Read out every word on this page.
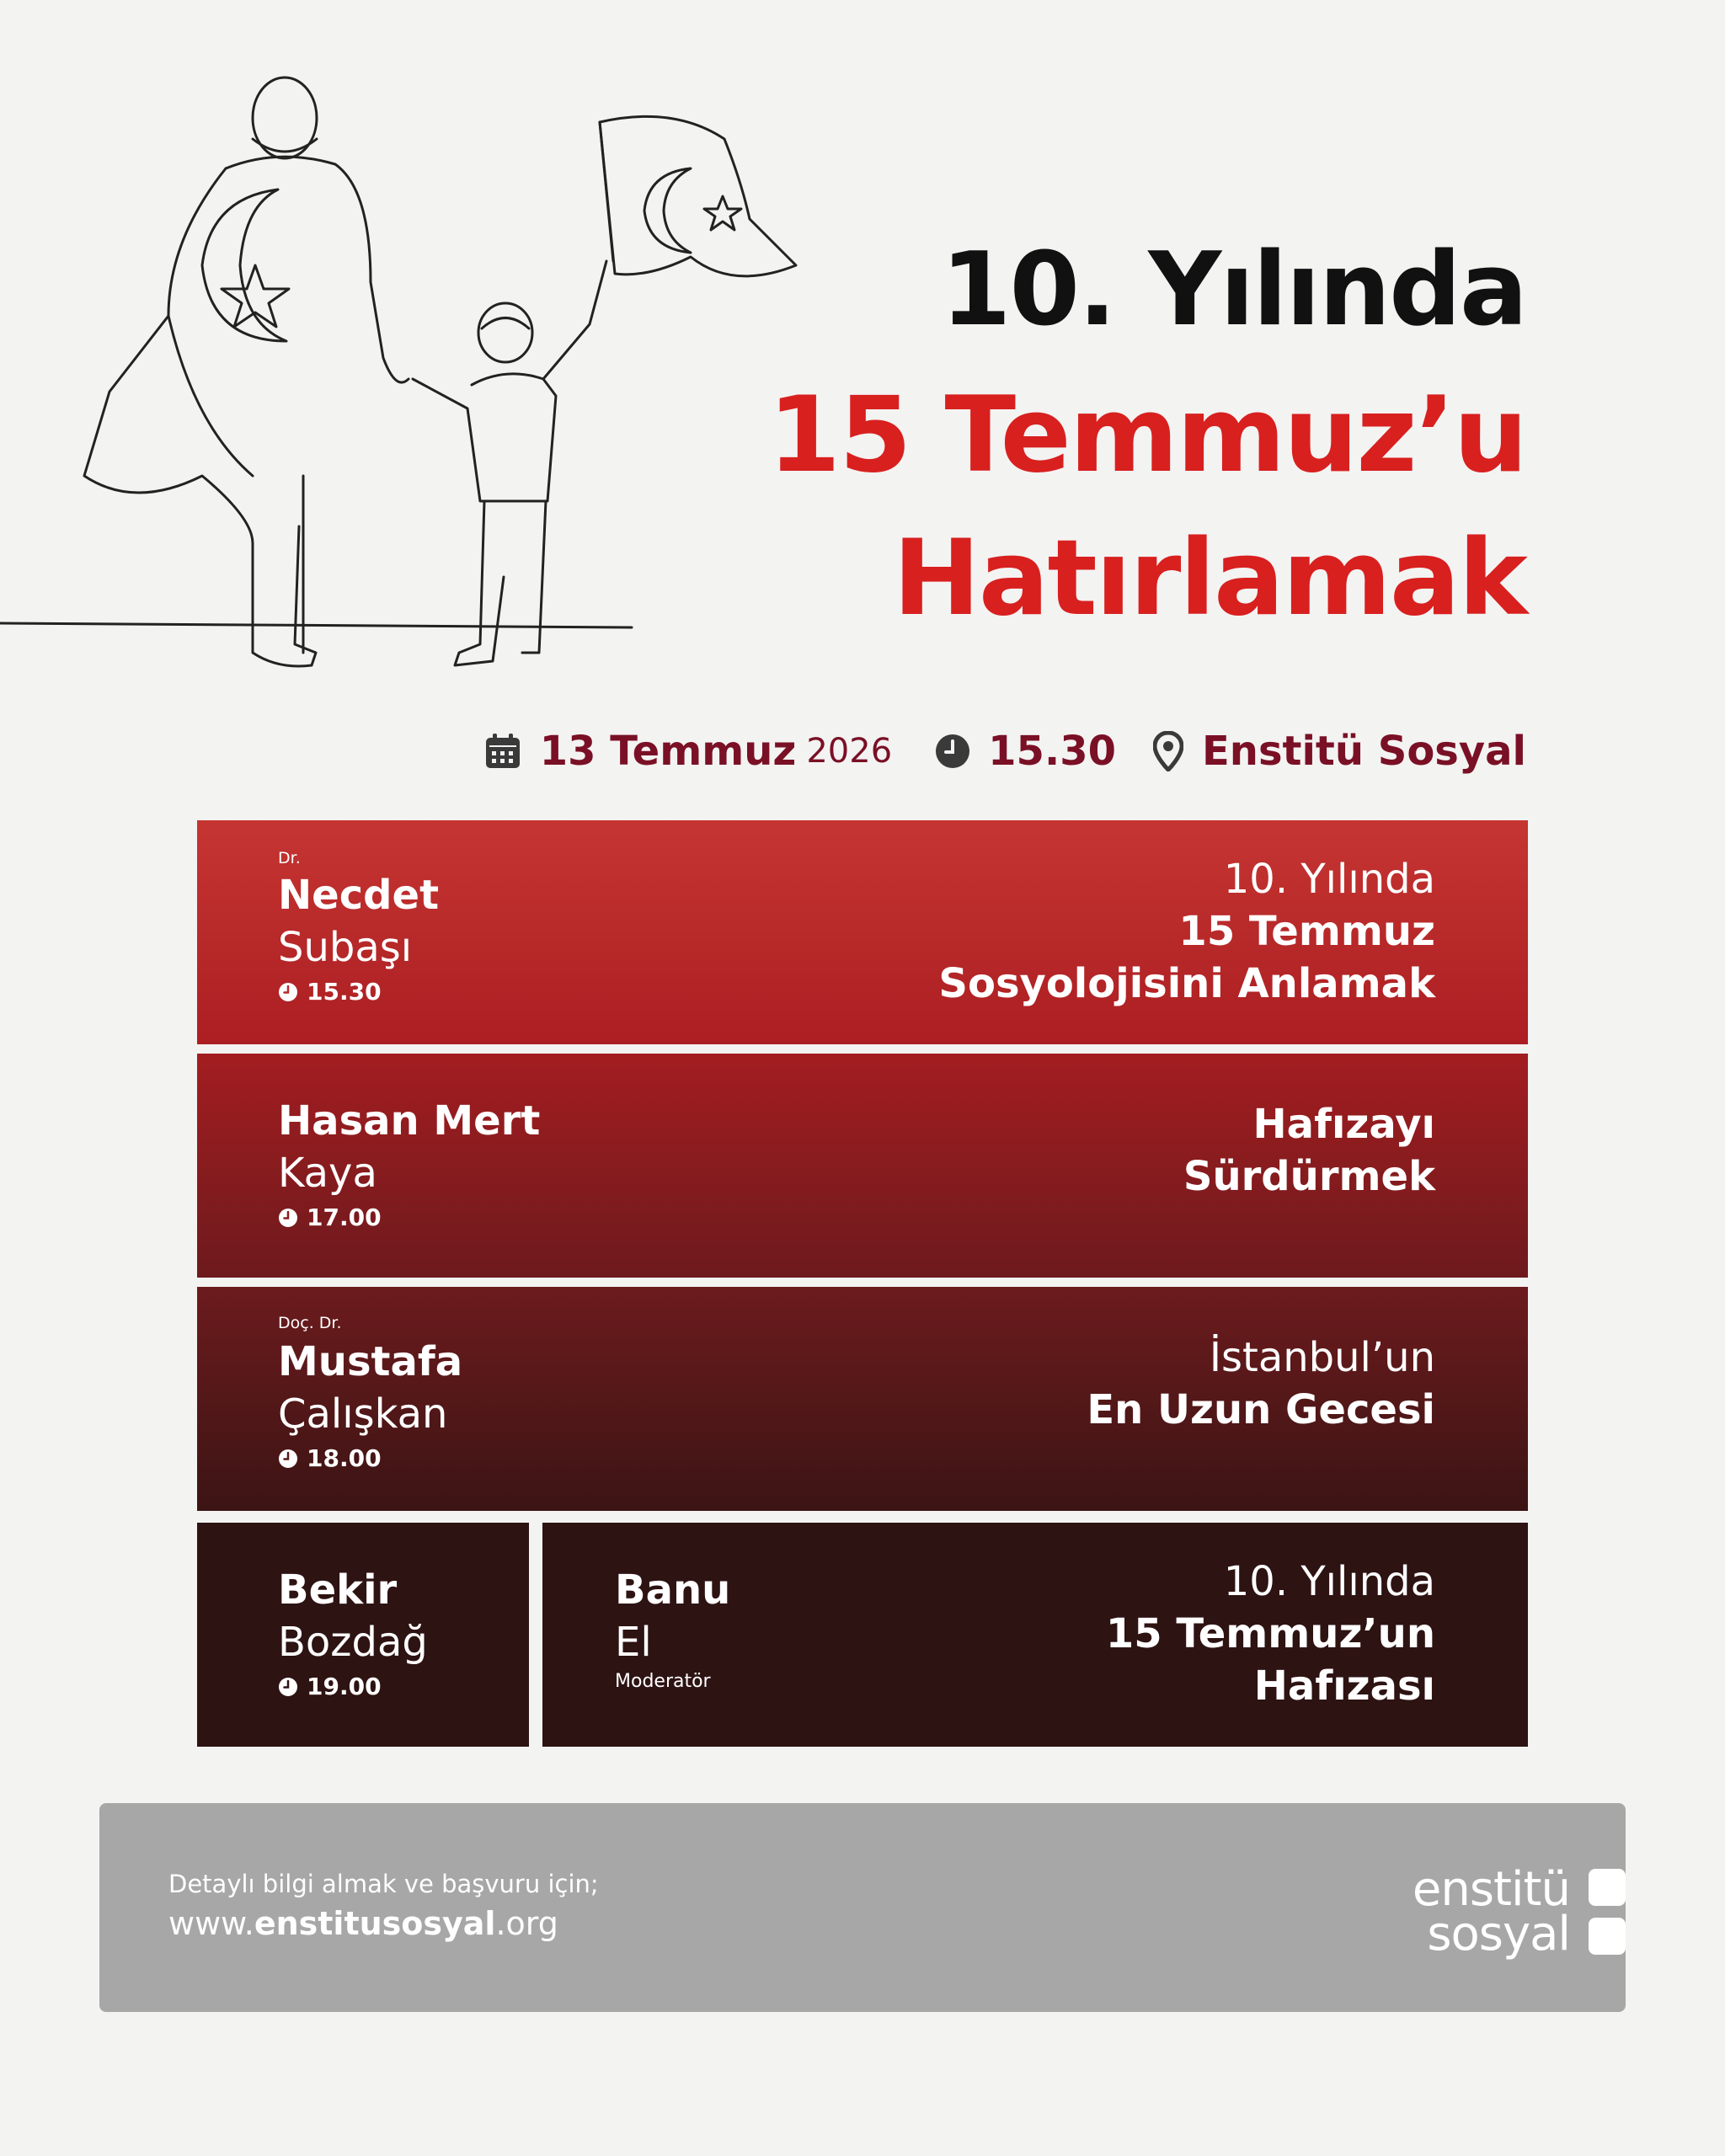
10. Yılında
15 Temmuz’u
Hatırlamak
13 Temmuz 2026 15.30 Enstitü Sosyal
Dr.
Necdet
Subaşı
15.30
10. Yılında
15 Temmuz
Sosyolojisini Anlamak
Hasan Mert
Kaya
17.00
Hafızayı
Sürdürmek
Doç. Dr.
Mustafa
Çalışkan
18.00
İstanbul’un
En Uzun Gecesi
Bekir
Bozdağ
19.00
Banu
El
Moderatör
10. Yılında
15 Temmuz’un
Hafızası
Detaylı bilgi almak ve başvuru için;
www.enstitusosyal.org
enstitü
sosyal
